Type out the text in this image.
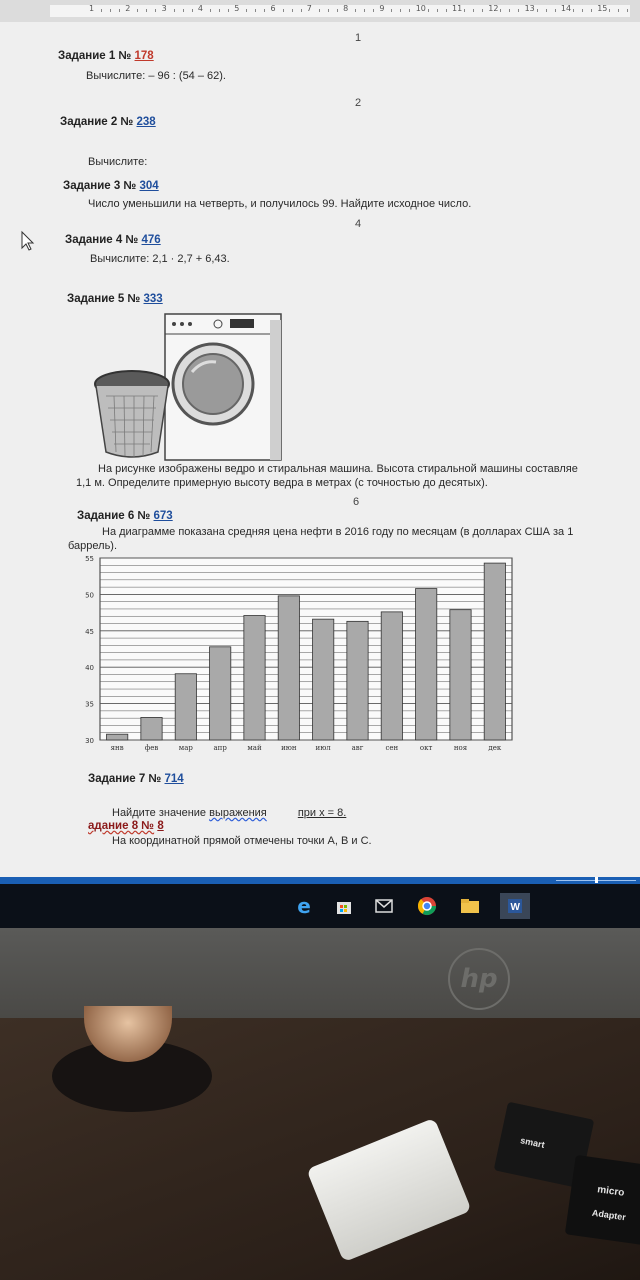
1	2	3	4	5	6	7	8	9	10	11	12	13	14	15
1
2
4
6
Задание 1 № 178
Вычислите: – 96 : (54 – 62).
Задание 2 № 238
Вычислите:
Задание 3 № 304
Число уменьшили на четверть, и получилось 99. Найдите исходное число.
Задание 4 № 476
Вычислите: 2,1 · 2,7 + 6,43.
Задание 5 № 333
На рисунке изображены ведро и стиральная машина. Высота стиральной машины составляе
1,1 м. Определите примерную высоту ведра в метрах (с точностью до десятых).
Задание 6 № 673
На диаграмме показана средняя цена нефти в 2016 году по месяцам (в долларах США за 1
баррель).
30
35
40
45
50
55
янв	фев	мар	апр	май	июн	июл	авг	сен	окт	ноя	дек
Задание 7 № 714
Найдите значение выражения	при x = 8.
адание 8 № 8
На координатной прямой отмечены точки A, B и C.
e	W
hp
smart
micro
Adapter
